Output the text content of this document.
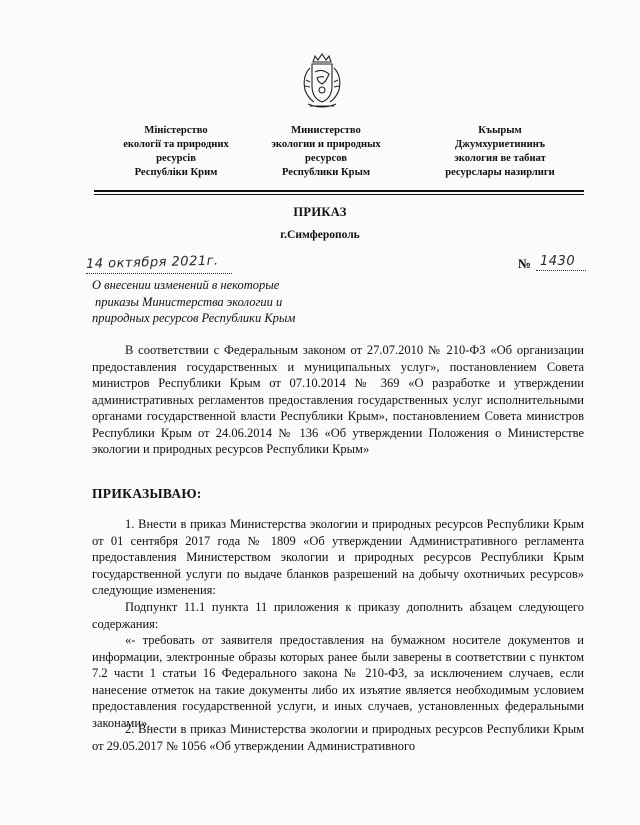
Міністерство
екології та природних
ресурсів
Республіки Крим
Министерство
экологии и природных
ресурсов
Республики Крым
Къырым
Джумхуриетининъ
экология ве табиат
ресурслары назирлиги
ПРИКАЗ
г.Симферополь
14 октября 2021г.	№ 1430
О внесении изменений в некоторые
приказы Министерства экологии и
природных ресурсов Республики Крым
В соответствии с Федеральным законом от 27.07.2010 № 210-ФЗ «Об организации предоставления государственных и муниципальных услуг», постановлением Совета министров Республики Крым от 07.10.2014 № 369 «О разработке и утверждении административных регламентов предоставления государственных услуг исполнительными органами государственной власти Республики Крым», постановлением Совета министров Республики Крым от 24.06.2014 № 136 «Об утверждении Положения о Министерстве экологии и природных ресурсов Республики Крым»
ПРИКАЗЫВАЮ:
1. Внести в приказ Министерства экологии и природных ресурсов Республики Крым от 01 сентября 2017 года № 1809 «Об утверждении Административного регламента предоставления Министерством экологии и природных ресурсов Республики Крым государственной услуги по выдаче бланков разрешений на добычу охотничьих ресурсов» следующие изменения:
Подпункт 11.1 пункта 11 приложения к приказу дополнить абзацем следующего содержания:
«- требовать от заявителя предоставления на бумажном носителе документов и информации, электронные образы которых ранее были заверены в соответствии с пунктом 7.2 части 1 статьи 16 Федерального закона № 210-ФЗ, за исключением случаев, если нанесение отметок на такие документы либо их изъятие является необходимым условием предоставления государственной услуги, и иных случаев, установленных федеральными законами».
2. Внести в приказ Министерства экологии и природных ресурсов Республики Крым от 29.05.2017 № 1056 «Об утверждении Административного
